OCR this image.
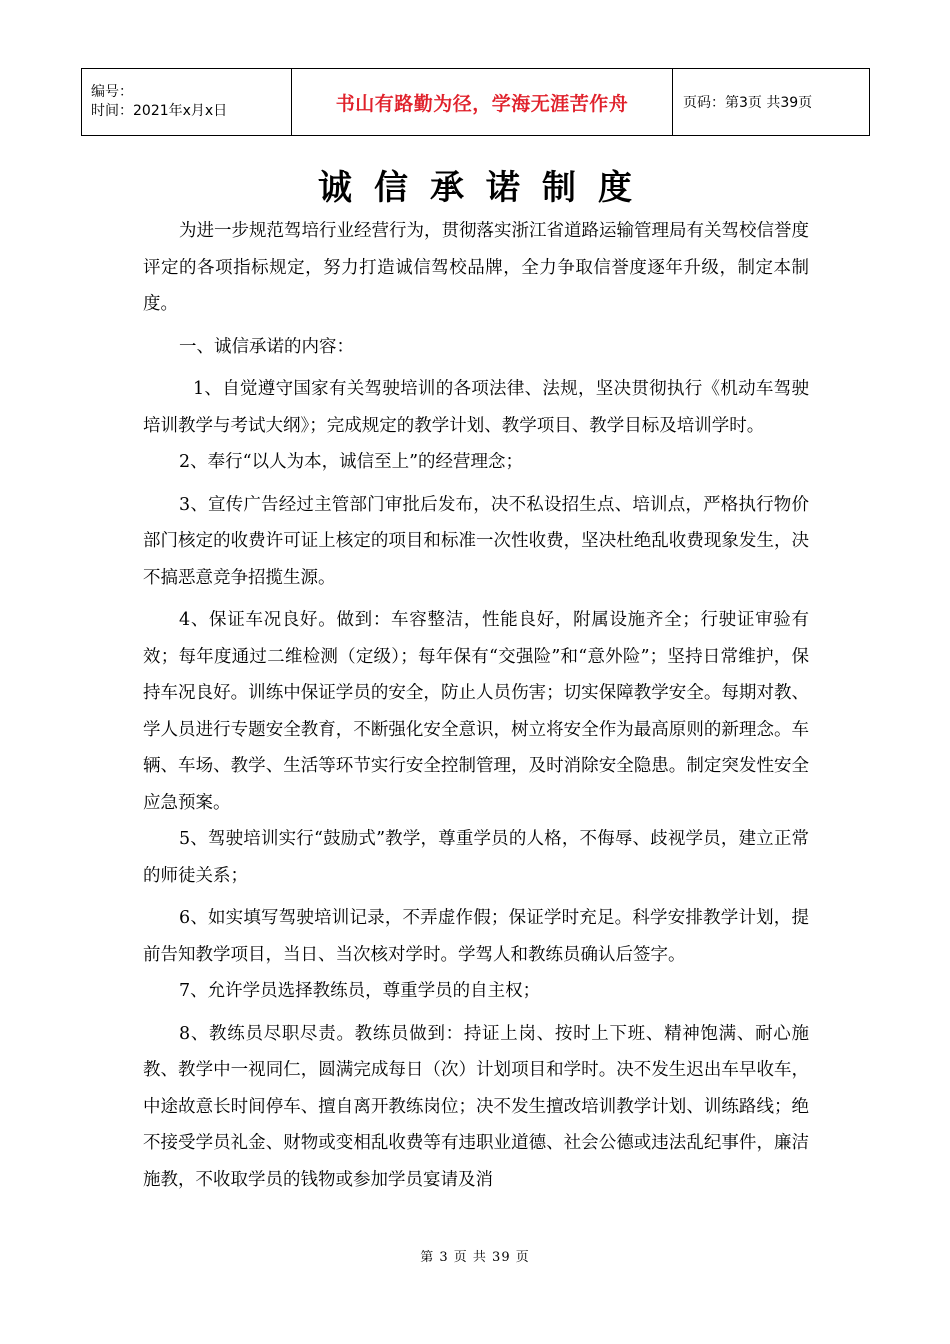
编号：
时间：2021年x月x日	书山有路勤为径，学海无涯苦作舟	页码：第3页 共39页
诚信承诺制度

为进一步规范驾培行业经营行为，贯彻落实浙江省道路运输管理局有关驾校信誉度评定的各项指标规定，努力打造诚信驾校品牌，全力争取信誉度逐年升级，制定本制度。

一、诚信承诺的内容：

1、自觉遵守国家有关驾驶培训的各项法律、法规，坚决贯彻执行《机动车驾驶培训教学与考试大纲》；完成规定的教学计划、教学项目、教学目标及培训学时。

2、奉行“以人为本，诚信至上”的经营理念；

3、宣传广告经过主管部门审批后发布，决不私设招生点、培训点，严格执行物价部门核定的收费许可证上核定的项目和标准一次性收费，坚决杜绝乱收费现象发生，决不搞恶意竞争招揽生源。

4、保证车况良好。做到：车容整洁，性能良好，附属设施齐全；行驶证审验有效；每年度通过二维检测（定级）；每年保有“交强险”和“意外险”；坚持日常维护，保持车况良好。训练中保证学员的安全，防止人员伤害；切实保障教学安全。每期对教、学人员进行专题安全教育，不断强化安全意识，树立将安全作为最高原则的新理念。车辆、车场、教学、生活等环节实行安全控制管理，及时消除安全隐患。制定突发性安全应急预案。

5、驾驶培训实行“鼓励式”教学，尊重学员的人格，不侮辱、歧视学员，建立正常的师徒关系；

6、如实填写驾驶培训记录，不弄虚作假；保证学时充足。科学安排教学计划，提前告知教学项目，当日、当次核对学时。学驾人和教练员确认后签字。

7、允许学员选择教练员，尊重学员的自主权；

8、教练员尽职尽责。教练员做到：持证上岗、按时上下班、精神饱满、耐心施教、教学中一视同仁，圆满完成每日（次）计划项目和学时。决不发生迟出车早收车，中途故意长时间停车、擅自离开教练岗位；决不发生擅改培训教学计划、训练路线；绝不接受学员礼金、财物或变相乱收费等有违职业道德、社会公德或违法乱纪事件，廉洁施教，不收取学员的钱物或参加学员宴请及消

第 3 页 共 39 页
